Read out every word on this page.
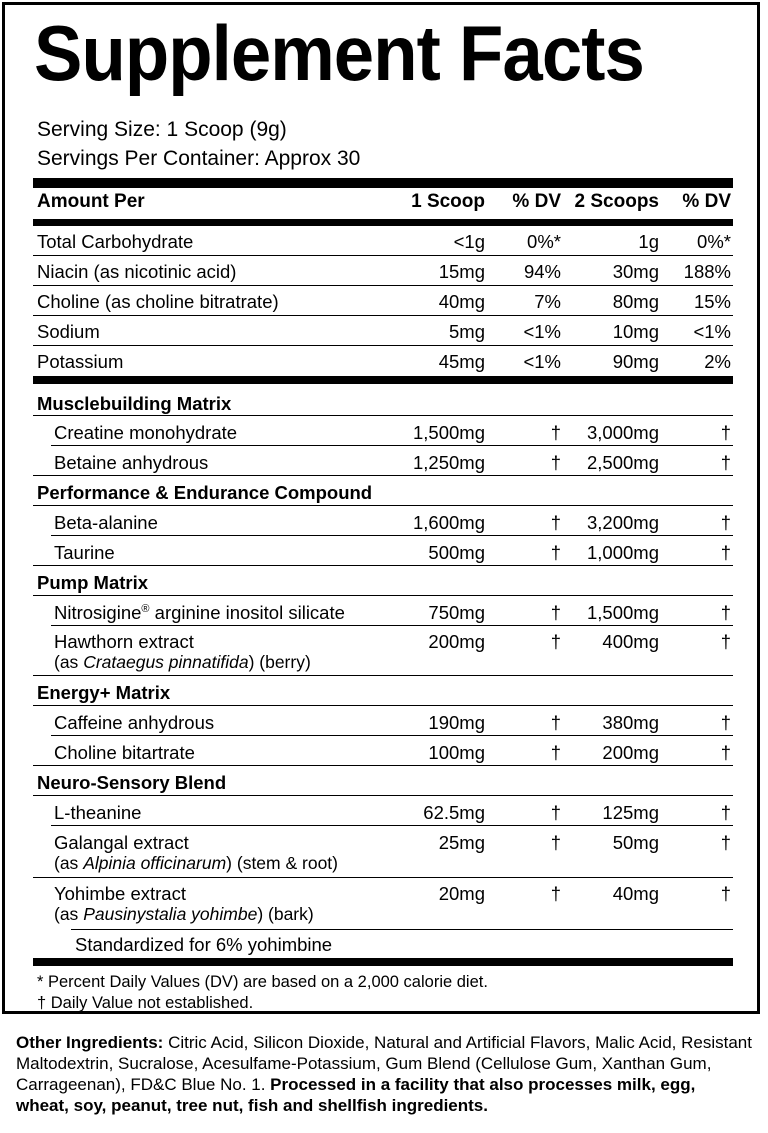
Supplement Facts
Serving Size: 1 Scoop (9g)
Servings Per Container: Approx 30
Amount Per	1 Scoop % DV 2 Scoops % DV
Total Carbohydrate	<1g 0%*	1g 0%*
Niacin (as nicotinic acid)	15mg 94%	30mg 188%
Choline (as choline bitratrate)	40mg	7%	80mg 15%
Sodium	5mg <1%	10mg <1%
Potassium	45mg <1%	90mg 2%
Musclebuilding Matrix
Creatine monohydrate	1,500mg	† 3,000mg	†
Betaine anhydrous	1,250mg	† 2,500mg	†
Performance & Endurance Compound
Beta-alanine	1,600mg	† 3,200mg	†
Taurine	500mg	† 1,000mg	†
Pump Matrix
Nitrosigine® arginine inositol silicate	750mg	† 1,500mg	†
Hawthorn extract
(as Crataegus pinnatifida) (berry)
200mg	† 400mg	†
Energy+ Matrix
Caffeine anhydrous	190mg	† 380mg	†
Choline bitartrate	100mg	† 200mg	†
Neuro-Sensory Blend
L-theanine	62.5mg	† 125mg	†
Galangal extract
(as Alpinia officinarum) (stem & root)
25mg	†	50mg	†
Yohimbe extract
(as Pausinystalia yohimbe) (bark)
20mg	†	40mg	†
Standardized for 6% yohimbine
* Percent Daily Values (DV) are based on a 2,000 calorie diet.
† Daily Value not established.
Other Ingredients: Citric Acid, Silicon Dioxide, Natural and Artificial Flavors, Malic Acid, Resistant Maltodextrin, Sucralose, Acesulfame-Potassium, Gum Blend (Cellulose Gum, Xanthan Gum, Carrageenan), FD&C Blue No. 1. Processed in a facility that also processes milk, egg, wheat, soy, peanut, tree nut, fish and shellfish ingredients.
